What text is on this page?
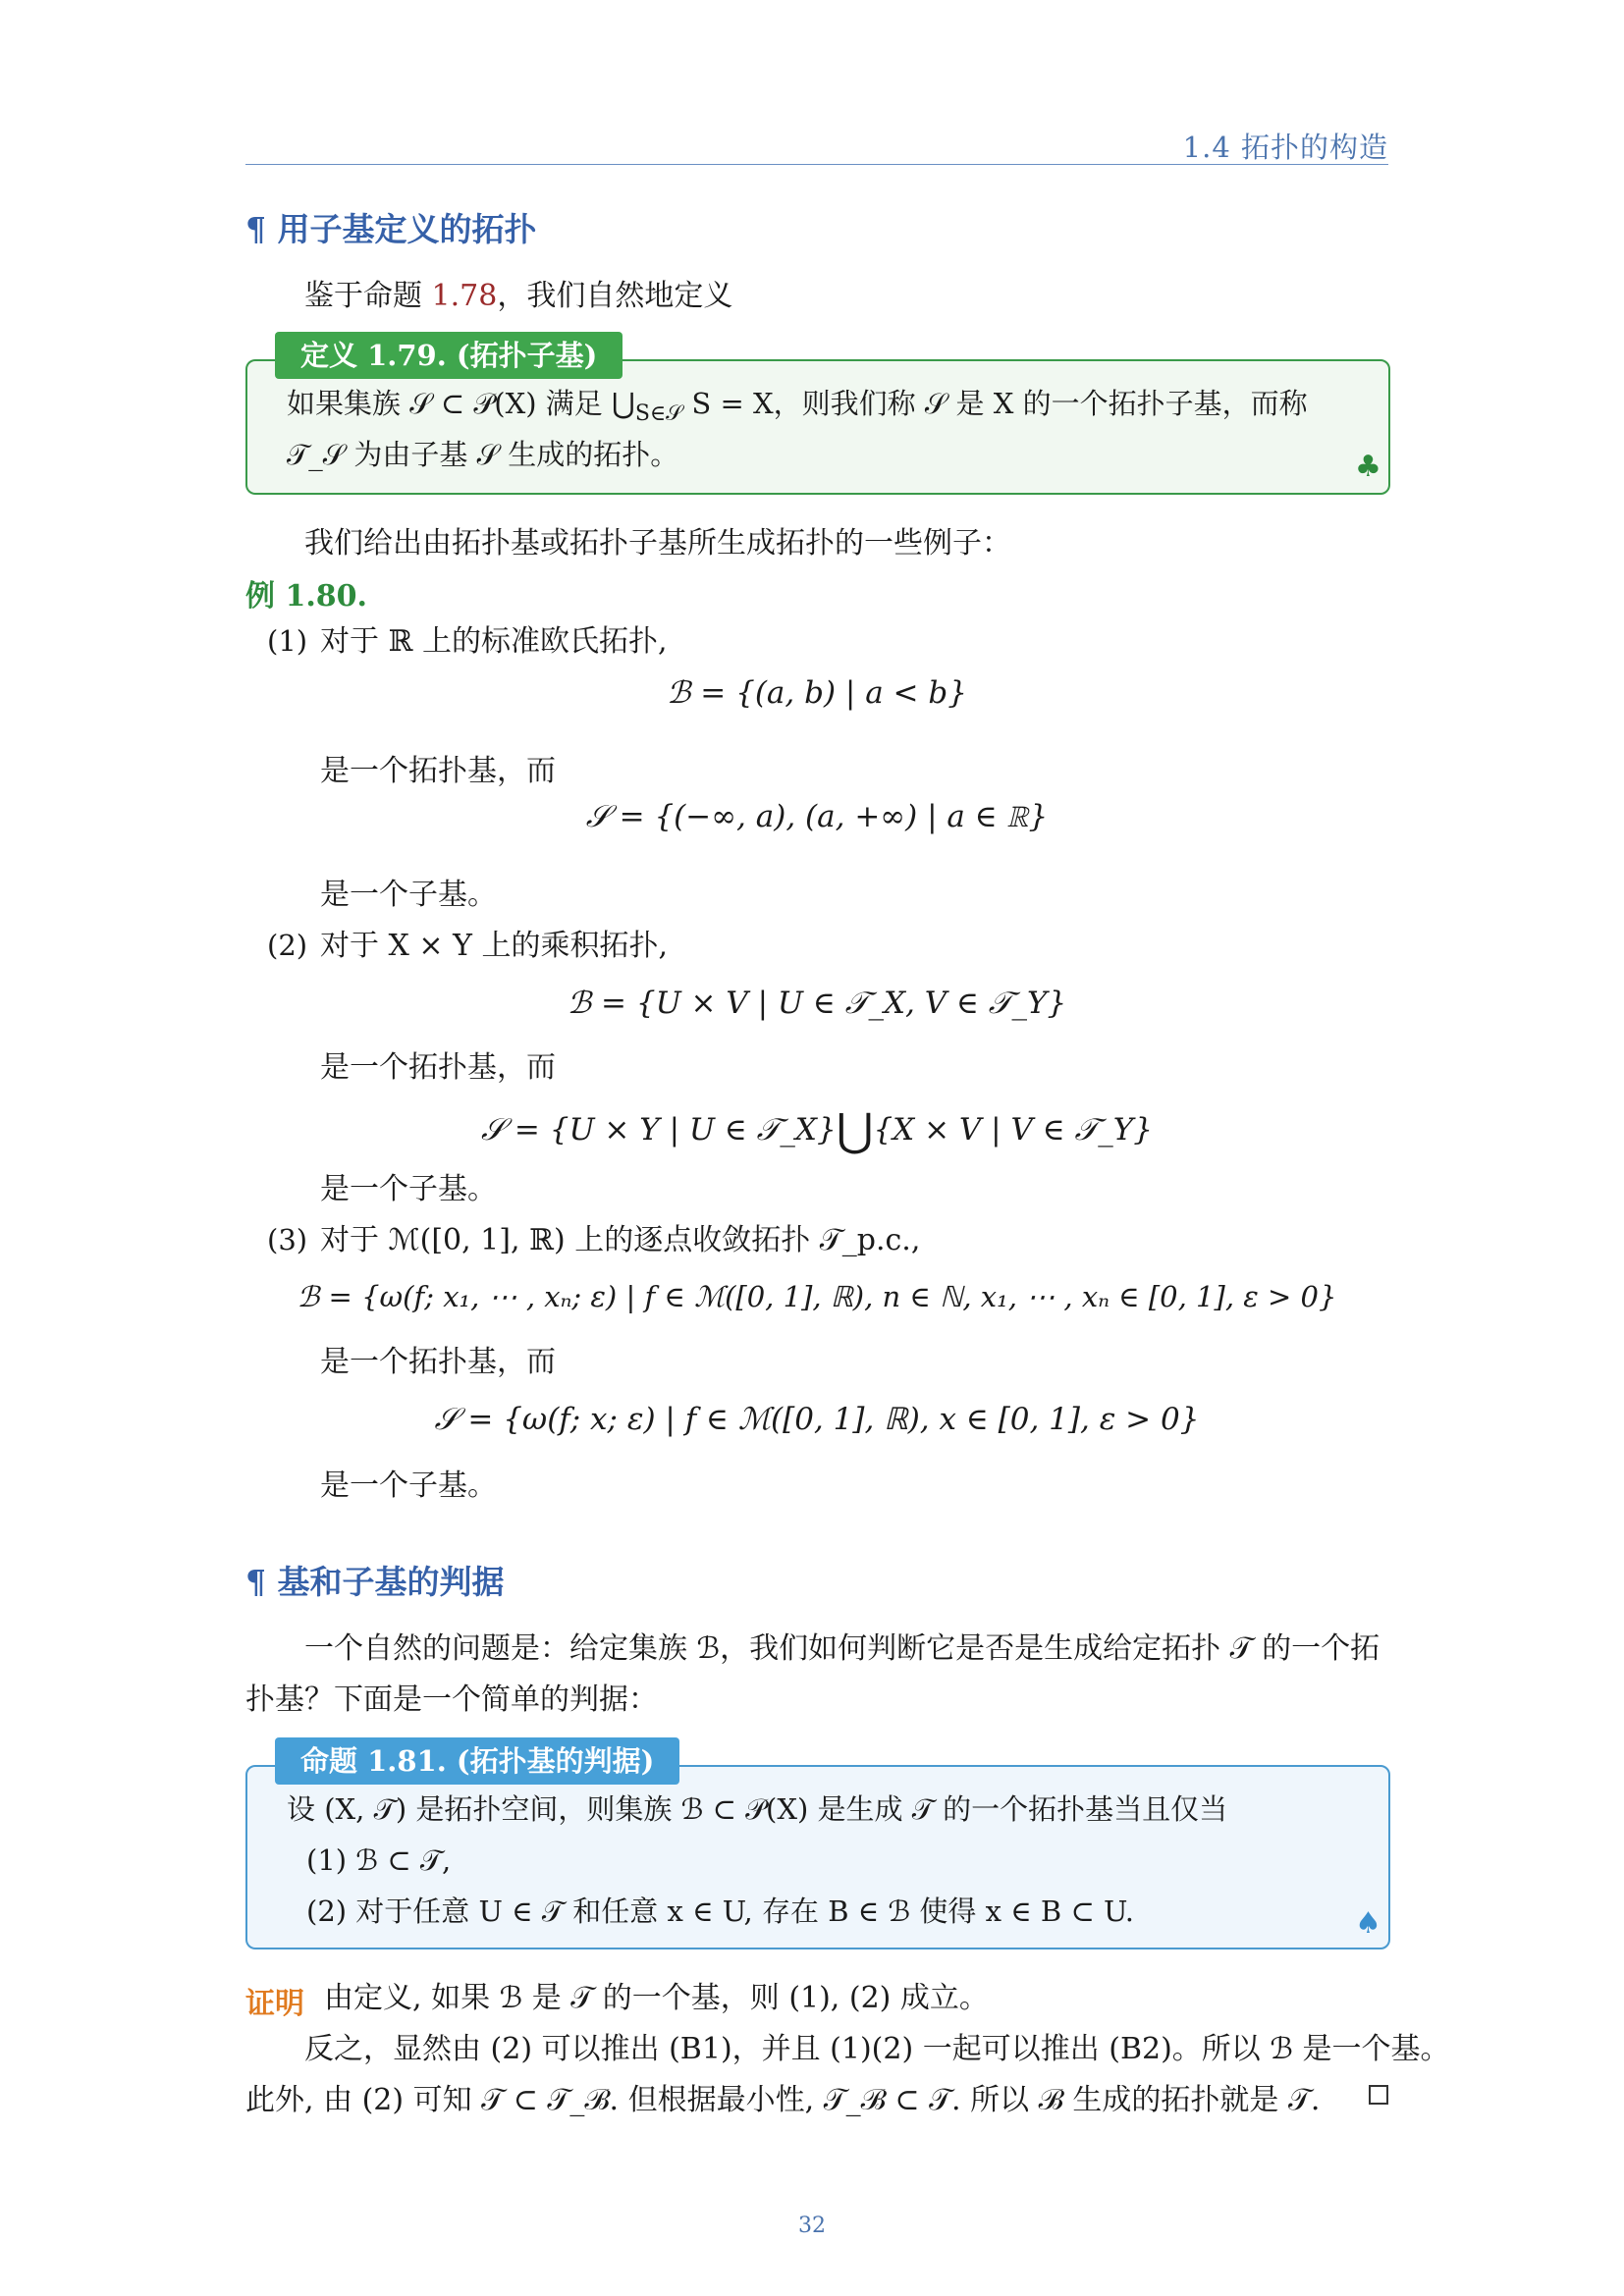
1.4 拓扑的构造
¶ 用子基定义的拓扑
鉴于命题 1.78，我们自然地定义
定义 1.79. (拓扑子基)
如果集族 𝒮 ⊂ 𝒫(X) 满足 $⋃_{S\in 𝒮}$ S = X，则我们称 𝒮 是 X 的一个拓扑子基，而称
𝒯_𝒮 为由子基 𝒮 生成的拓扑。	♣
我们给出由拓扑基或拓扑子基所生成拓扑的一些例子：
例 1.80.
(1) 对于 ℝ 上的标准欧氏拓扑,
ℬ = {(a, b) | a < b}
是一个拓扑基，而
𝒮 = {(−∞, a), (a, +∞) | a ∈ ℝ}
是一个子基。
(2) 对于 X × Y 上的乘积拓扑,
ℬ = {U × V | U ∈ 𝒯_X, V ∈ 𝒯_Y}
是一个拓扑基，而
𝒮 = {U × Y | U ∈ 𝒯_X}⋃{X × V | V ∈ 𝒯_Y}
是一个子基。
(3) 对于 ℳ([0, 1], ℝ) 上的逐点收敛拓扑 𝒯_p.c.,
ℬ = {ω(f; x₁, ⋯ , xₙ; ε) | f ∈ ℳ([0, 1], ℝ), n ∈ ℕ, x₁, ⋯ , xₙ ∈ [0, 1], ε > 0}
是一个拓扑基，而
𝒮 = {ω(f; x; ε) | f ∈ ℳ([0, 1], ℝ), x ∈ [0, 1], ε > 0}
是一个子基。
¶ 基和子基的判据
一个自然的问题是：给定集族 ℬ，我们如何判断它是否是生成给定拓扑 𝒯 的一个拓
扑基？下面是一个简单的判据：
命题 1.81. (拓扑基的判据)
设 (X, 𝒯) 是拓扑空间，则集族 ℬ ⊂ 𝒫(X) 是生成 𝒯 的一个拓扑基当且仅当
(1) ℬ ⊂ 𝒯,
(2) 对于任意 U ∈ 𝒯 和任意 x ∈ U, 存在 B ∈ ℬ 使得 x ∈ B ⊂ U.	♠
证明 由定义, 如果 ℬ 是 𝒯 的一个基，则 (1), (2) 成立。
反之，显然由 (2) 可以推出 (B1)，并且 (1)(2) 一起可以推出 (B2)。所以 ℬ 是一个基。
此外, 由 (2) 可知 𝒯 ⊂ 𝒯_ℬ. 但根据最小性, 𝒯_ℬ ⊂ 𝒯. 所以 ℬ 生成的拓扑就是 𝒯.
32
